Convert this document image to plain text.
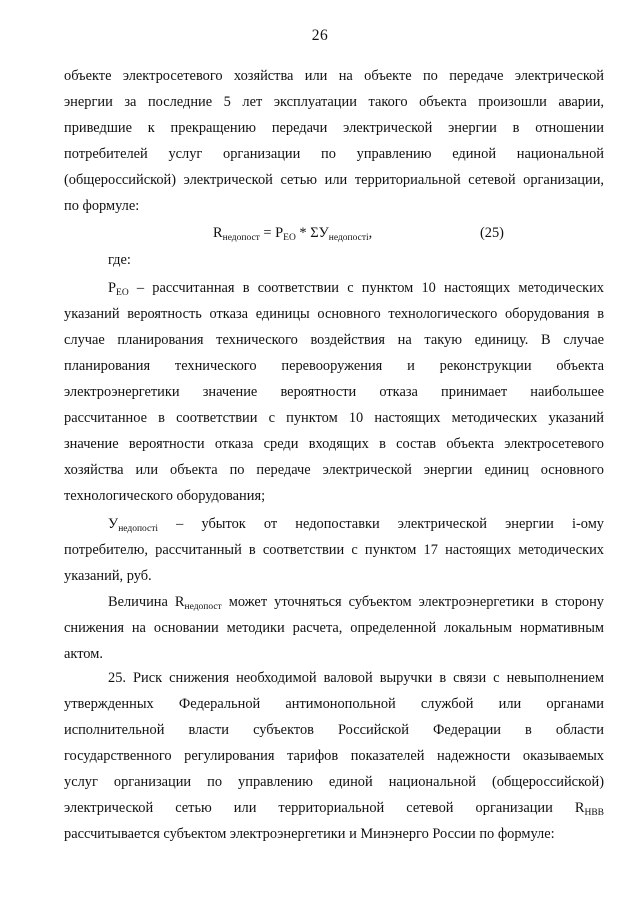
26
объекте электросетевого хозяйства или на объекте по передаче электрической
энергии за последние 5 лет эксплуатации такого объекта произошли аварии,
приведшие к прекращению передачи электрической энергии в отношении
потребителей услуг организации по управлению единой национальной
(общероссийской) электрической сетью или территориальной сетевой организации,
по формуле:
$R_{недопост} = P_{EO} * \Sigma У_{недопостi}$,	(25)
где:
$P_{EO}$ – рассчитанная в соответствии с пунктом 10 настоящих методических
указаний вероятность отказа единицы основного технологического оборудования в
случае планирования технического воздействия на такую единицу. В случае
планирования технического перевооружения и реконструкции объекта
электроэнергетики значение вероятности отказа принимает наибольшее
рассчитанное в соответствии с пунктом 10 настоящих методических указаний
значение вероятности отказа среди входящих в состав объекта электросетевого
хозяйства или объекта по передаче электрической энергии единиц основного
технологического оборудования;
$У_{недопостi}$ – убыток от недопоставки электрической энергии i-ому
потребителю, рассчитанный в соответствии с пунктом 17 настоящих методических
указаний, руб.
Величина $R_{недопост}$ может уточняться субъектом электроэнергетики в сторону
снижения на основании методики расчета, определенной локальным нормативным
актом.
25. Риск снижения необходимой валовой выручки в связи с невыполнением
утвержденных Федеральной антимонопольной службой или органами
исполнительной власти субъектов Российской Федерации в области
государственного регулирования тарифов показателей надежности оказываемых
услуг организации по управлению единой национальной (общероссийской)
электрической сетью или территориальной сетевой организации $R_{НВВ}$
рассчитывается субъектом электроэнергетики и Минэнерго России по формуле:
